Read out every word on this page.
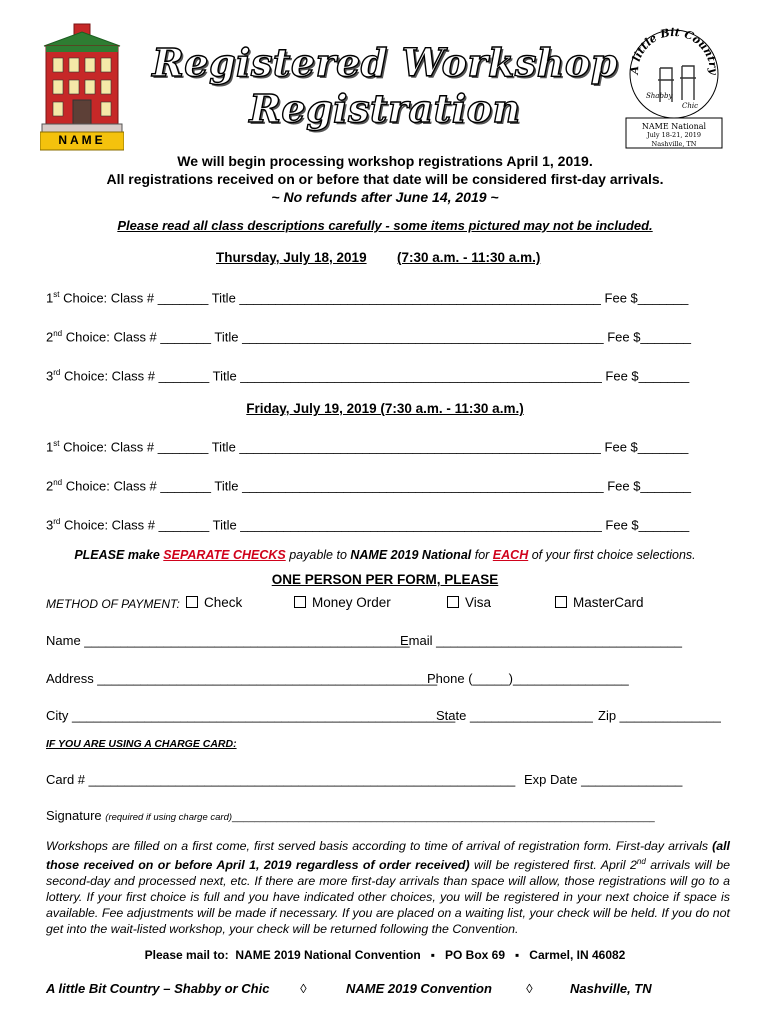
NAME
Registered Workshop
Registration
A little Bit Country
Shabby
Chic
NAME National
July 18-21, 2019
Nashville, TN
We will begin processing workshop registrations April 1, 2019.
All registrations received on or before that date will be considered first-day arrivals.
~ No refunds after June 14, 2019 ~
Please read all class descriptions carefully - some items pictured may not be included.
Thursday, July 18, 2019 (7:30 a.m. - 11:30 a.m.)
1st Choice: Class # _______ Title __________________________________________________ Fee $_______
2nd Choice: Class # _______ Title __________________________________________________ Fee $_______
3rd Choice: Class # _______ Title __________________________________________________ Fee $_______
Friday, July 19, 2019 (7:30 a.m. - 11:30 a.m.)
1st Choice: Class # _______ Title __________________________________________________ Fee $_______
2nd Choice: Class # _______ Title __________________________________________________ Fee $_______
3rd Choice: Class # _______ Title __________________________________________________ Fee $_______
PLEASE make SEPARATE CHECKS payable to NAME 2019 National for EACH of your first choice selections.
ONE PERSON PER FORM, PLEASE
METHOD OF PAYMENT:	Check	Money Order	Visa	MasterCard
Name _____________________________________________
Email __________________________________
Address _______________________________________________
Phone (_____)________________
City _____________________________________________________
State _________________ Zip ______________
IF YOU ARE USING A CHARGE CARD:
Card # ___________________________________________________________ Exp Date ______________
Signature (required if using charge card)____________________________________________________________________________
Workshops are filled on a first come, first served basis according to time of arrival of registration form. First-day arrivals (all those received on or before April 1, 2019 regardless of order received) will be registered first. April 2nd arrivals will be second-day and processed next, etc. If there are more first-day arrivals than space will allow, those registrations will go to a lottery. If your first choice is full and you have indicated other choices, you will be registered in your next choice if space is available. Fee adjustments will be made if necessary. If you are placed on a waiting list, your check will be held. If you do not get into the wait-listed workshop, your check will be returned following the Convention.
Please mail to: NAME 2019 National Convention   ▪   PO Box 69   ▪   Carmel, IN 46082
A little Bit Country – Shabby or Chic ◊	NAME 2019 Convention	◊	Nashville, TN
